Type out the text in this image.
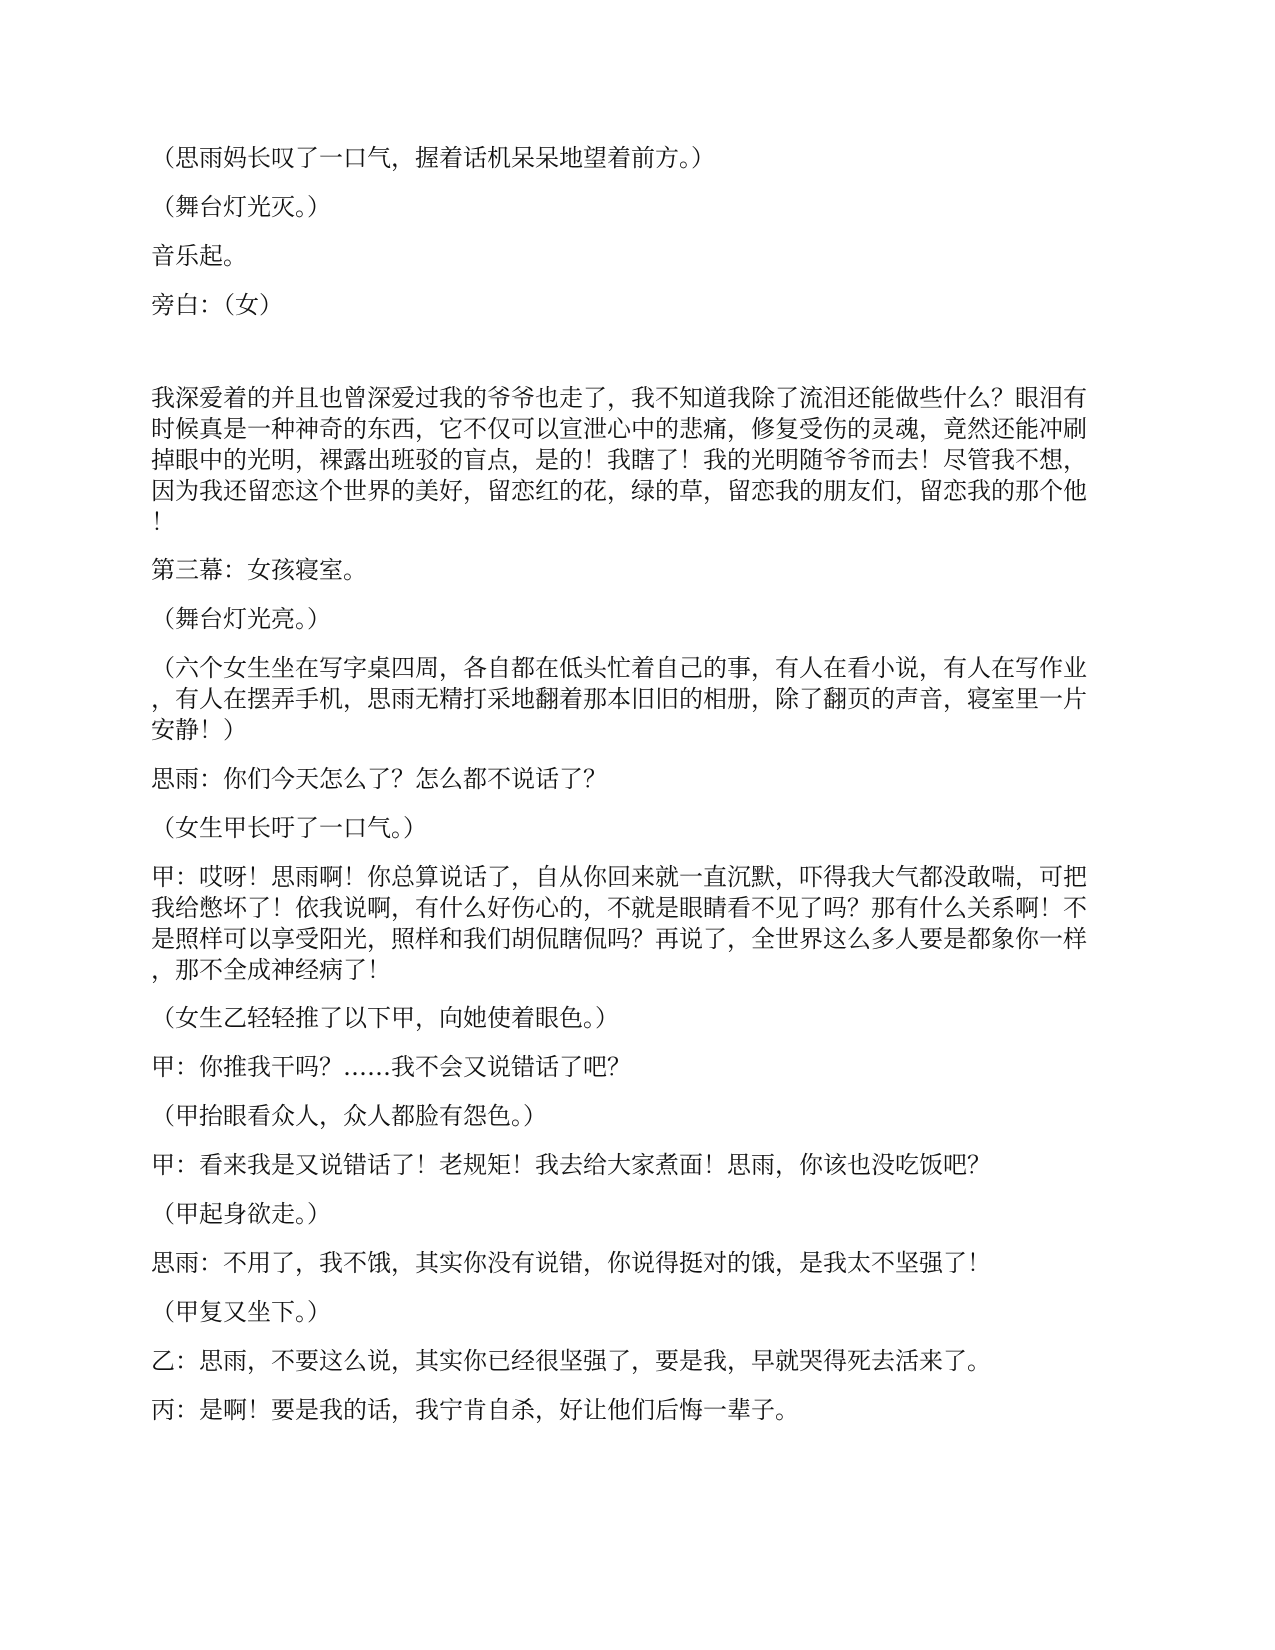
（思雨妈长叹了一口气，握着话机呆呆地望着前方。）

（舞台灯光灭。）

音乐起。

旁白：（女）

我深爱着的并且也曾深爱过我的爷爷也走了，我不知道我除了流泪还能做些什么？眼泪有
时候真是一种神奇的东西，它不仅可以宣泄心中的悲痛，修复受伤的灵魂，竟然还能冲刷
掉眼中的光明，裸露出班驳的盲点，是的！我瞎了！我的光明随爷爷而去！尽管我不想，
因为我还留恋这个世界的美好，留恋红的花，绿的草，留恋我的朋友们，留恋我的那个他
！

第三幕：女孩寝室。

（舞台灯光亮。）

（六个女生坐在写字桌四周，各自都在低头忙着自己的事，有人在看小说，有人在写作业
，有人在摆弄手机，思雨无精打采地翻着那本旧旧的相册，除了翻页的声音，寝室里一片
安静！）

思雨：你们今天怎么了？怎么都不说话了？

（女生甲长吁了一口气。）

甲：哎呀！思雨啊！你总算说话了，自从你回来就一直沉默，吓得我大气都没敢喘，可把
我给憋坏了！依我说啊，有什么好伤心的，不就是眼睛看不见了吗？那有什么关系啊！不
是照样可以享受阳光，照样和我们胡侃瞎侃吗？再说了，全世界这么多人要是都象你一样
，那不全成神经病了！

（女生乙轻轻推了以下甲，向她使着眼色。）

甲：你推我干吗？……我不会又说错话了吧？

（甲抬眼看众人，众人都脸有怨色。）

甲：看来我是又说错话了！老规矩！我去给大家煮面！思雨，你该也没吃饭吧？

（甲起身欲走。）

思雨：不用了，我不饿，其实你没有说错，你说得挺对的饿，是我太不坚强了！

（甲复又坐下。）

乙：思雨，不要这么说，其实你已经很坚强了，要是我，早就哭得死去活来了。

丙：是啊！要是我的话，我宁肯自杀，好让他们后悔一辈子。
